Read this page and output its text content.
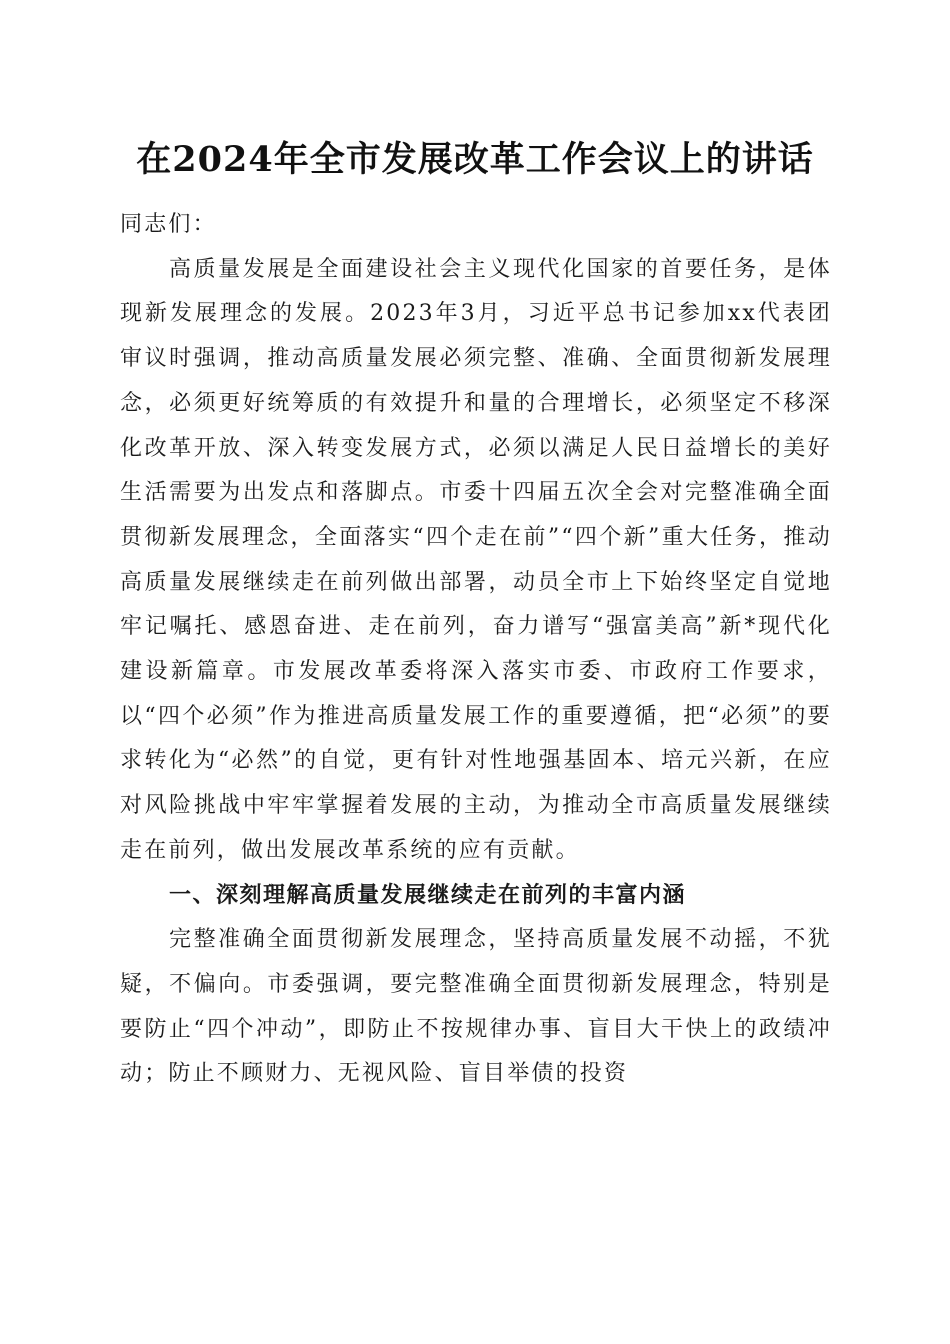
在2024年全市发展改革工作会议上的讲话

同志们：

高质量发展是全面建设社会主义现代化国家的首要任务，是体现新发展理念的发展。2023年3月，习近平总书记参加xx代表团审议时强调，推动高质量发展必须完整、准确、全面贯彻新发展理念，必须更好统筹质的有效提升和量的合理增长，必须坚定不移深化改革开放、深入转变发展方式，必须以满足人民日益增长的美好生活需要为出发点和落脚点。市委十四届五次全会对完整准确全面贯彻新发展理念，全面落实“四个走在前”“四个新”重大任务，推动高质量发展继续走在前列做出部署，动员全市上下始终坚定自觉地牢记嘱托、感恩奋进、走在前列，奋力谱写“强富美高”新*现代化建设新篇章。市发展改革委将深入落实市委、市政府工作要求，以“四个必须”作为推进高质量发展工作的重要遵循，把“必须”的要求转化为“必然”的自觉，更有针对性地强基固本、培元兴新，在应对风险挑战中牢牢掌握着发展的主动，为推动全市高质量发展继续走在前列，做出发展改革系统的应有贡献。

一、深刻理解高质量发展继续走在前列的丰富内涵

完整准确全面贯彻新发展理念，坚持高质量发展不动摇，不犹疑，不偏向。市委强调，要完整准确全面贯彻新发展理念，特别是要防止“四个冲动”，即防止不按规律办事、盲目大干快上的政绩冲动；防止不顾财力、无视风险、盲目举债的投资
